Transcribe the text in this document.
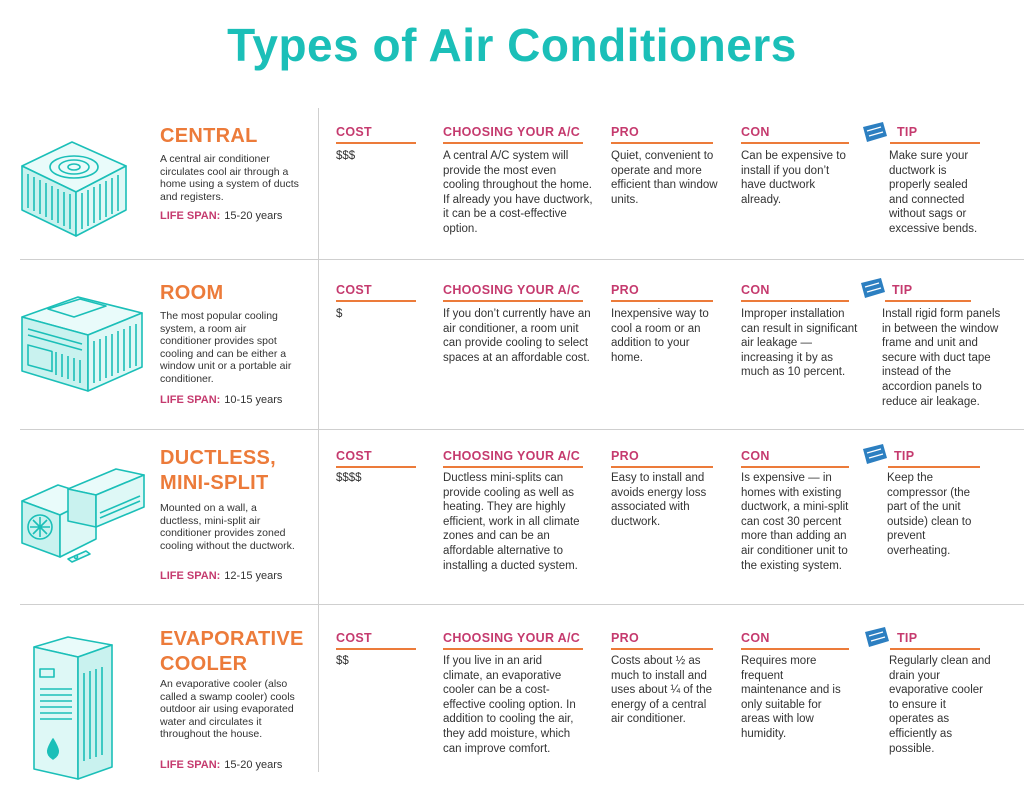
Types of Air Conditioners
CENTRAL

A central air conditioner circulates cool air through a home using a system of ducts and registers.

LIFE SPAN: 15-20 years

COST

$$$

CHOOSING YOUR A/C

A central A/C system will provide the most even cooling throughout the home. If already you have ductwork, it can be a cost-effective option.

PRO

Quiet, convenient to operate and more efficient than window units.

CON

Can be expensive to install if you don’t have ductwork already.

TIP

Make sure your ductwork is properly sealed and connected without sags or excessive bends.

ROOM

The most popular cooling system, a room air conditioner provides spot cooling and can be either a window unit or a portable air conditioner.

LIFE SPAN: 10-15 years

COST

$

CHOOSING YOUR A/C

If you don’t currently have an air conditioner, a room unit can provide cooling to select spaces at an affordable cost.

PRO

Inexpensive way to cool a room or an addition to your home.

CON

Improper installation can result in significant air leakage — increasing it by as much as 10 percent.

TIP

Install rigid form panels in between the window frame and unit and secure with duct tape instead of the accordion panels to reduce air leakage.

DUCTLESS,
MINI-SPLIT

Mounted on a wall, a ductless, mini-split air conditioner provides zoned cooling without the ductwork.

LIFE SPAN: 12-15 years

COST

$$$$

CHOOSING YOUR A/C

Ductless mini-splits can provide cooling as well as heating. They are highly efficient, work in all climate zones and can be an affordable alternative to installing a ducted system.

PRO

Easy to install and avoids energy loss associated with ductwork.

CON

Is expensive — in homes with existing ductwork, a mini-split can cost 30 percent more than adding an air conditioner unit to the existing system.

TIP

Keep the compressor (the part of the unit outside) clean to prevent overheating.

EVAPORATIVE
COOLER

An evaporative cooler (also called a swamp cooler) cools outdoor air using evaporated water and circulates it throughout the house.

LIFE SPAN: 15-20 years

COST

$$

CHOOSING YOUR A/C

If you live in an arid climate, an evaporative cooler can be a cost-effective cooling option. In addition to cooling the air, they add moisture, which can improve comfort.

PRO

Costs about ½ as much to install and uses about ¼ of the energy of a central air conditioner.

CON

Requires more frequent maintenance and is only suitable for areas with low humidity.

TIP

Regularly clean and drain your evaporative cooler to ensure it operates as efficiently as possible.
